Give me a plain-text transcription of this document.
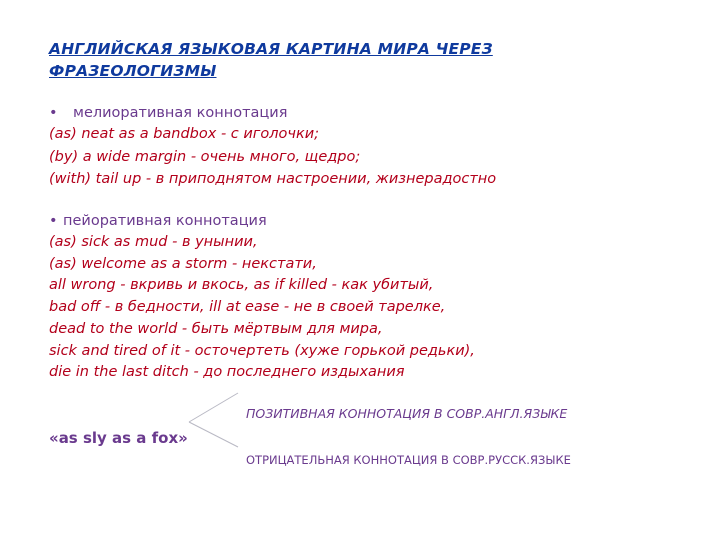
АНГЛИЙСКАЯ ЯЗЫКОВАЯ КАРТИНА МИРА ЧЕРЕЗ
ФРАЗЕОЛОГИЗМЫ
• мелиоративная коннотация
(as) neat as a bandbox - с иголочки;
(by) a wide margin - очень много, щедро;
(with) tail up - в приподнятом настроении, жизнерадостно
• пейоративная коннотация
(as) sick as mud - в унынии,
(as) welcome as a storm - некстати,
all wrong - вкривь и вкось, as if killed - как убитый,
bad off - в бедности, ill at ease - не в своей тарелке,
dead to the world - быть мёртвым для мира,
sick and tired of it - осточертеть (хуже горькой редьки),
die in the last ditch - до последнего издыхания
ПОЗИТИВНАЯ КОННОТАЦИЯ В СОВР.АНГЛ.ЯЗЫКЕ
«as sly as a fox»
ОТРИЦАТЕЛЬНАЯ КОННОТАЦИЯ В СОВР.РУССК.ЯЗЫКЕ
